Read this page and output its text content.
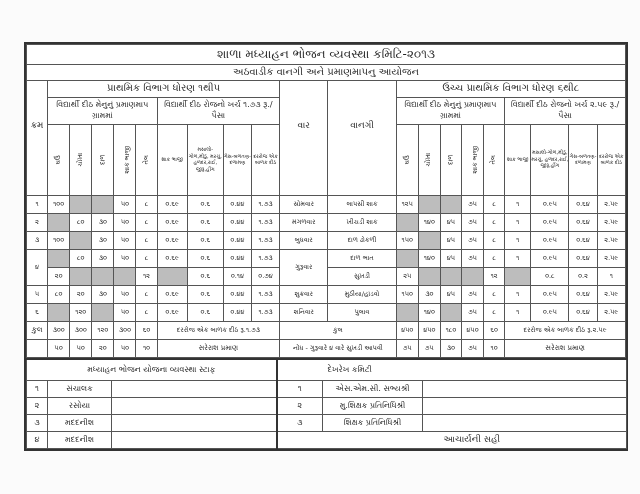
શાળા મધ્યાહન ભોજન વ્યવસ્થા કમિટિ-૨૦૧૩																				
અઠવાડીક વાનગી અને પ્રમાણમાપનુ આયોજન																				
ક્રમ	પ્રાથમિક વિભાગ ધોરણ ૧થી૫									વાર	વાનગી	ઉચ્ચ પ્રાથમિક વિભાગ ધોરણ ૬થી૮								
	વિદ્યાર્થી દીઠ મેનુનું પ્રમાણમાપ ગ્રામમાં					વિદ્યાર્થી દીઠ રોજનો ખર્ચ ૧.૭૩ રૂ./પૈસા						વિદ્યાર્થી દીઠ મેનુનું પ્રમાણમાપ ગ્રામમાં					વિદ્યાર્થી દીઠ રોજનો ખર્ચ ૨.૫૯ રૂ./પૈસા			
	ઘઉં	ચોખા	દાળ	શાક ભાજી	તેલ	શાક ભાજી	મસાલો-ગોળ,મીઠું, મરચું, હળદર,રાઈ, જીરૂ,હીંગ	ગેસ-બળતણ-દળામણ	દરરોજ એક બાળક દીઠ			ઘઉં	ચોખા	દાળ	શાક ભાજી	તેલ	શાક ભાજી	મસાલો-ગોળ,મીઠું, મરચું, હળદર,રાઈ, જીરૂ,હીંગ	ગેસ-બળતણ-દળામણ	દરરોજ એક બાળક દીઠ
૧	૧૦૦			૫૦	૮	૦.૬૯	૦.૬	૦.૪૪	૧.૭૩	સોમવાર	લાપસી શાક	૧૨૫			૭૫	૮	૧	૦.૯૫	૦.૬૪	૨.૫૯
૨		૮૦	૩૦	૫૦	૮	૦.૬૯	૦.૬	૦.૪૪	૧.૭૩	મંગળવાર	ખીચડી શાક		૧૪૦	૪૫	૭૫	૮	૧	૦.૯૫	૦.૬૪	૨.૫૯
૩	૧૦૦		૩૦	૫૦	૮	૦.૬૯	૦.૬	૦.૪૪	૧.૭૩	બુધવાર	દાળ ઢોકળી	૧૫૦		૪૫	૭૫	૮	૧	૦.૯૫	૦.૬૪	૨.૫૯
૪		૮૦	૩૦	૫૦	૮	૦.૬૯	૦.૬	૦.૪૪	૧.૭૩	ગુરૂવાર	દાળ ભાત		૧૪૦	૪૫	૭૫	૮	૧	૦.૯૫	૦.૬૪	૨.૫૯
	૨૦				૧૨		૦.૬	૦.૧૪	૦.૭૪		સુખડી	૨૫				૧૨		૦.૮	૦.૨	૧
૫	૮૦	૨૦	૩૦	૫૦	૮	૦.૬૯	૦.૬	૦.૪૪	૧.૭૩	શુક્રવાર	મુઠીયા/હાંડવો	૧૫૦	૩૦	૪૫	૭૫	૮	૧	૦.૯૫	૦.૬૪	૨.૫૯
૬		૧૨૦		૫૦	૮	૦.૬૯	૦.૬	૦.૪૪	૧.૭૩	શનિવાર	પુલાવ		૧૪૦		૭૫	૮	૧	૦.૯૫	૦.૬૪	૨.૫૯
કુલ	૩૦૦	૩૦૦	૧૨૦	૩૦૦	૬૦	દરરોજ એક બાળક દીઠ રૂ.૧.૭૩				કુલ		૪૫૦	૪૫૦	૧૮૦	૪૫૦	૬૦	દરરોજ એક બાળક દીઠ રૂ.૨.૫૯			
	૫૦	૫૦	૨૦	૫૦	૧૦	સરેરાશ પ્રમાણ				નોંધ - ગુરૂવારે ૪ વારે સુખડી આપવી		૭૫	૭૫	૩૦	૭૫	૧૦	સરેરાશ પ્રમાણ			
મધ્યાહન ભોજન યોજના વ્યવસ્થા સ્ટાફ			દેખરેખ કમિટી		
૧	સંચાલક		૧	એસ.એમ.સી. સભ્યશ્રી	
૨	રસોયા		૨	મુ.શિક્ષક પ્રતિનિધિશ્રી	
૩	મદદનીશ		૩	શિક્ષક પ્રતિનિધિશ્રી	
૪	મદદનીશ		આચાર્યની સહી		
